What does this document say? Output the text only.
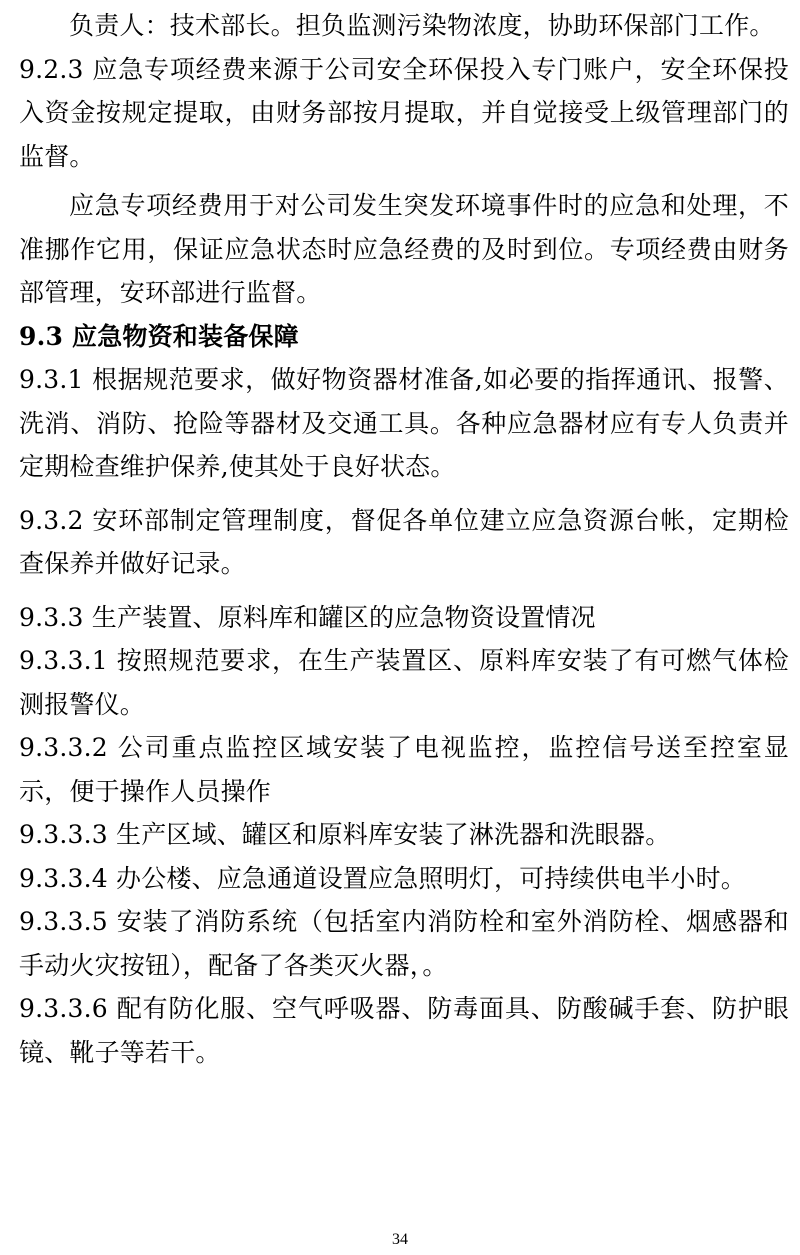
负责人：技术部长。担负监测污染物浓度，协助环保部门工作。

9.2.3 应急专项经费来源于公司安全环保投入专门账户，安全环保投入资金按规定提取，由财务部按月提取，并自觉接受上级管理部门的监督。

应急专项经费用于对公司发生突发环境事件时的应急和处理，不准挪作它用，保证应急状态时应急经费的及时到位。专项经费由财务部管理，安环部进行监督。

9.3 应急物资和装备保障

9.3.1 根据规范要求，做好物资器材准备,如必要的指挥通讯、报警、洗消、消防、抢险等器材及交通工具。各种应急器材应有专人负责并定期检查维护保养,使其处于良好状态。

9.3.2 安环部制定管理制度，督促各单位建立应急资源台帐，定期检查保养并做好记录。

9.3.3 生产装置、原料库和罐区的应急物资设置情况

9.3.3.1 按照规范要求，在生产装置区、原料库安装了有可燃气体检测报警仪。

9.3.3.2 公司重点监控区域安装了电视监控，监控信号送至控室显示，便于操作人员操作

9.3.3.3 生产区域、罐区和原料库安装了淋洗器和洗眼器。

9.3.3.4 办公楼、应急通道设置应急照明灯，可持续供电半小时。

9.3.3.5 安装了消防系统（包括室内消防栓和室外消防栓、烟感器和手动火灾按钮），配备了各类灭火器，。

9.3.3.6 配有防化服、空气呼吸器、防毒面具、防酸碱手套、防护眼镜、靴子等若干。

34
